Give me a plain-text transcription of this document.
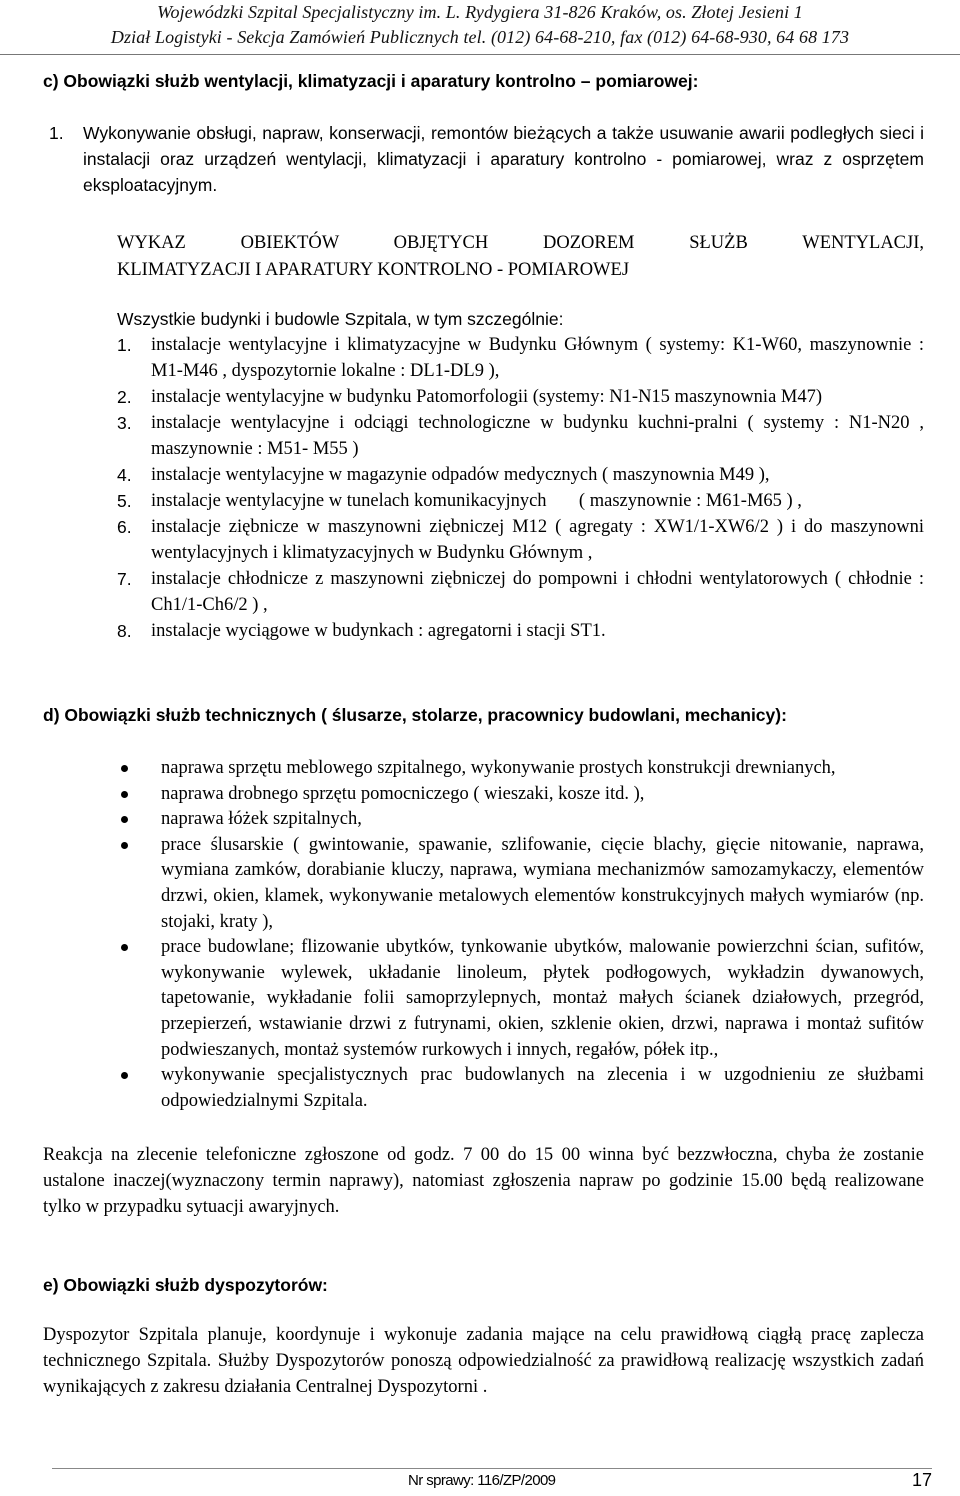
Wojewódzki Szpital Specjalistyczny im. L. Rydygiera 31-826 Kraków, os. Złotej Jesieni 1
Dział Logistyki - Sekcja Zamówień Publicznych tel. (012) 64-68-210, fax (012) 64-68-930, 64 68 173
c) Obowiązki służb wentylacji, klimatyzacji i aparatury kontrolno – pomiarowej:
1.	Wykonywanie obsługi, napraw, konserwacji, remontów bieżących a także usuwanie awarii podległych sieci i instalacji oraz urządzeń wentylacji, klimatyzacji i aparatury kontrolno - pomiarowej, wraz z osprzętem eksploatacyjnym.
WYKAZ OBIEKTÓW OBJĘTYCH DOZOREM SŁUŻB WENTYLACJI,
KLIMATYZACJI I APARATURY KONTROLNO - POMIAROWEJ
Wszystkie budynki i budowle Szpitala, w tym szczególnie:
1.	instalacje wentylacyjne i klimatyzacyjne w Budynku Głównym ( systemy: K1-W60, maszynownie : M1-M46 , dyspozytornie lokalne : DL1-DL9 ),
2.	instalacje wentylacyjne w budynku Patomorfologii (systemy: N1-N15 maszynownia M47)
3.	instalacje wentylacyjne i odciągi technologiczne w budynku kuchni-pralni ( systemy : N1-N20 , maszynownie : M51- M55 )
4.	instalacje wentylacyjne w magazynie odpadów medycznych ( maszynownia M49 ),
5.	instalacje wentylacyjne w tunelach komunikacyjnych       ( maszynownie : M61-M65 ) ,
6.	instalacje ziębnicze w maszynowni ziębniczej M12 ( agregaty : XW1/1-XW6/2 ) i do maszynowni wentylacyjnych i klimatyzacyjnych w Budynku Głównym ,
7.	instalacje chłodnicze z maszynowni ziębniczej do pompowni i chłodni wentylatorowych ( chłodnie : Ch1/1-Ch6/2 ) ,
8.	instalacje wyciągowe w budynkach : agregatorni i stacji ST1.
d) Obowiązki służb technicznych ( ślusarze, stolarze, pracownicy budowlani, mechanicy):
naprawa sprzętu meblowego szpitalnego, wykonywanie prostych konstrukcji drewnianych,
naprawa drobnego sprzętu pomocniczego ( wieszaki, kosze itd. ),
naprawa łóżek szpitalnych,
prace ślusarskie ( gwintowanie, spawanie, szlifowanie, cięcie blachy, gięcie nitowanie, naprawa, wymiana zamków, dorabianie kluczy, naprawa, wymiana mechanizmów samozamykaczy, elementów drzwi, okien, klamek, wykonywanie metalowych elementów konstrukcyjnych małych wymiarów (np. stojaki, kraty ),
prace budowlane; flizowanie ubytków, tynkowanie ubytków, malowanie powierzchni ścian, sufitów, wykonywanie wylewek, układanie linoleum, płytek podłogowych, wykładzin dywanowych, tapetowanie, wykładanie folii samoprzylepnych, montaż małych ścianek działowych, przegród, przepierzeń, wstawianie drzwi z futrynami, okien, szklenie okien, drzwi, naprawa i montaż sufitów podwieszanych, montaż systemów rurkowych i innych, regałów, półek itp.,
wykonywanie specjalistycznych prac budowlanych na zlecenia i w uzgodnieniu ze służbami odpowiedzialnymi Szpitala.
Reakcja na zlecenie telefoniczne zgłoszone od godz. 7 00 do 15 00 winna być bezzwłoczna, chyba że zostanie ustalone inaczej(wyznaczony termin naprawy), natomiast zgłoszenia napraw po godzinie 15.00 będą realizowane tylko w przypadku sytuacji awaryjnych.
e) Obowiązki służb dyspozytorów:
Dyspozytor Szpitala planuje, koordynuje i wykonuje zadania mające na celu prawidłową ciągłą pracę zaplecza technicznego Szpitala. Służby Dyspozytorów ponoszą odpowiedzialność za prawidłową realizację wszystkich zadań wynikających z zakresu działania Centralnej Dyspozytorni .
Nr sprawy: 116/ZP/2009	17
